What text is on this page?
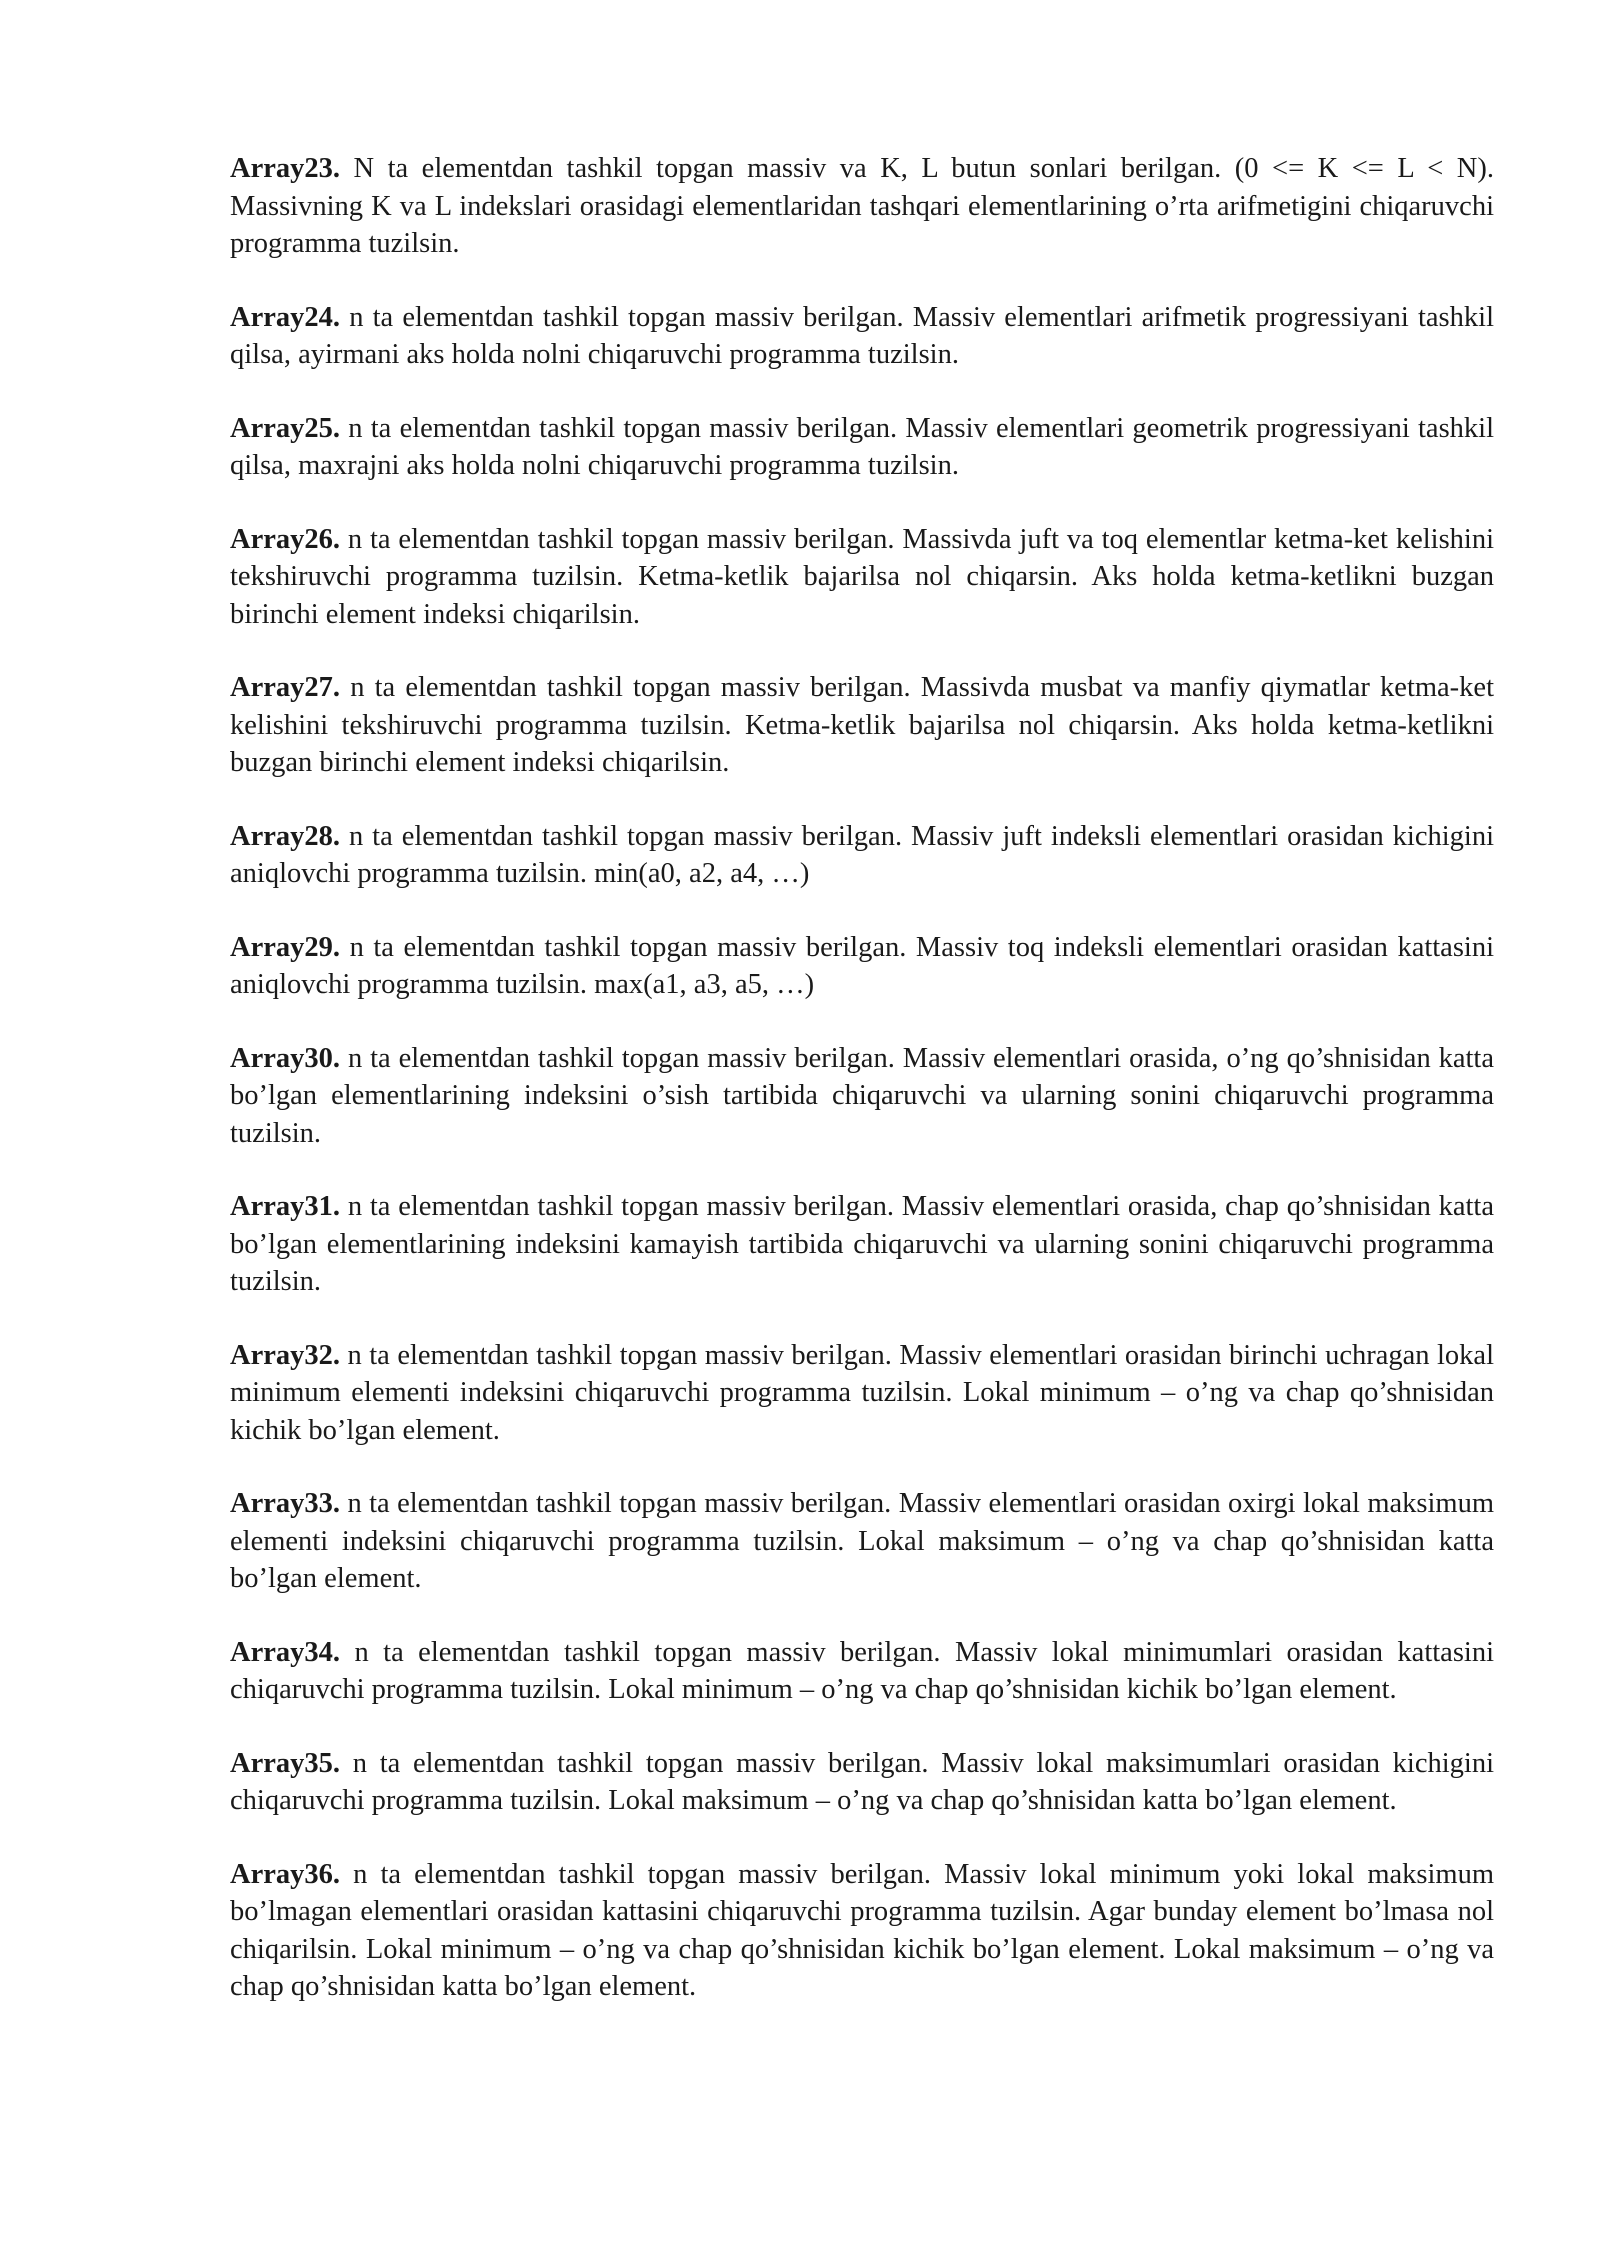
Array23. N ta elementdan tashkil topgan massiv va K, L butun sonlari berilgan. (0 <= K <= L < N). Massivning K va L indekslari orasidagi elementlaridan tashqari elementlarining o’rta arifmetigini chiqaruvchi programma tuzilsin.

Array24. n ta elementdan tashkil topgan massiv berilgan. Massiv elementlari arifmetik progressiyani tashkil qilsa, ayirmani aks holda nolni chiqaruvchi programma tuzilsin.

Array25. n ta elementdan tashkil topgan massiv berilgan. Massiv elementlari geometrik progressiyani tashkil qilsa, maxrajni aks holda nolni chiqaruvchi programma tuzilsin.

Array26. n ta elementdan tashkil topgan massiv berilgan. Massivda juft va toq elementlar ketma-ket kelishini tekshiruvchi programma tuzilsin. Ketma-ketlik bajarilsa nol chiqarsin. Aks holda ketma-ketlikni buzgan birinchi element indeksi chiqarilsin.

Array27. n ta elementdan tashkil topgan massiv berilgan. Massivda musbat va manfiy qiymatlar ketma-ket kelishini tekshiruvchi programma tuzilsin. Ketma-ketlik bajarilsa nol chiqarsin. Aks holda ketma-ketlikni buzgan birinchi element indeksi chiqarilsin.

Array28. n ta elementdan tashkil topgan massiv berilgan. Massiv juft indeksli elementlari orasidan kichigini aniqlovchi programma tuzilsin. min(a0, a2, a4, …)

Array29. n ta elementdan tashkil topgan massiv berilgan. Massiv toq indeksli elementlari orasidan kattasini aniqlovchi programma tuzilsin. max(a1, a3, a5, …)

Array30. n ta elementdan tashkil topgan massiv berilgan. Massiv elementlari orasida, o’ng qo’shnisidan katta bo’lgan elementlarining indeksini o’sish tartibida chiqaruvchi va ularning sonini chiqaruvchi programma tuzilsin.

Array31. n ta elementdan tashkil topgan massiv berilgan. Massiv elementlari orasida, chap qo’shnisidan katta bo’lgan elementlarining indeksini kamayish tartibida chiqaruvchi va ularning sonini chiqaruvchi programma tuzilsin.

Array32. n ta elementdan tashkil topgan massiv berilgan. Massiv elementlari orasidan birinchi uchragan lokal minimum elementi indeksini chiqaruvchi programma tuzilsin. Lokal minimum – o’ng va chap qo’shnisidan kichik bo’lgan element.

Array33. n ta elementdan tashkil topgan massiv berilgan. Massiv elementlari orasidan oxirgi lokal maksimum elementi indeksini chiqaruvchi programma tuzilsin. Lokal maksimum – o’ng va chap qo’shnisidan katta bo’lgan element.

Array34. n ta elementdan tashkil topgan massiv berilgan. Massiv lokal minimumlari orasidan kattasini chiqaruvchi programma tuzilsin. Lokal minimum – o’ng va chap qo’shnisidan kichik bo’lgan element.

Array35. n ta elementdan tashkil topgan massiv berilgan. Massiv lokal maksimumlari orasidan kichigini chiqaruvchi programma tuzilsin. Lokal maksimum – o’ng va chap qo’shnisidan katta bo’lgan element.

Array36. n ta elementdan tashkil topgan massiv berilgan. Massiv lokal minimum yoki lokal maksimum bo’lmagan elementlari orasidan kattasini chiqaruvchi programma tuzilsin. Agar bunday element bo’lmasa nol chiqarilsin. Lokal minimum – o’ng va chap qo’shnisidan kichik bo’lgan element. Lokal maksimum – o’ng va chap qo’shnisidan katta bo’lgan element.
